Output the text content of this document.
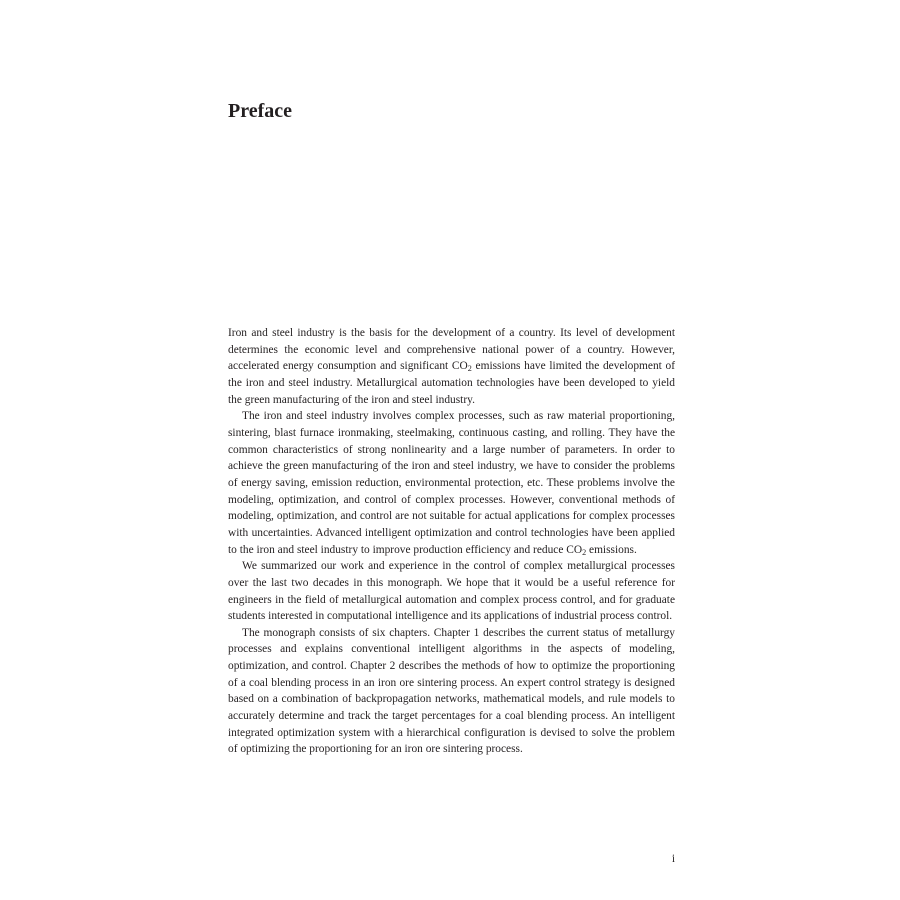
Preface

Iron and steel industry is the basis for the development of a country. Its level of development determines the economic level and comprehensive national power of a country. However, accelerated energy consumption and significant $CO_2$ emissions have limited the development of the iron and steel industry. Metallurgical automation technologies have been developed to yield the green manufacturing of the iron and steel industry.

The iron and steel industry involves complex processes, such as raw material proportioning, sintering, blast furnace ironmaking, steelmaking, continuous casting, and rolling. They have the common characteristics of strong nonlinearity and a large number of parameters. In order to achieve the green manufacturing of the iron and steel industry, we have to consider the problems of energy saving, emission reduction, environmental protection, etc. These problems involve the modeling, optimization, and control of complex processes. However, conventional methods of modeling, optimization, and control are not suitable for actual applications for complex processes with uncertainties. Advanced intelligent optimization and control technologies have been applied to the iron and steel industry to improve production efficiency and reduce $CO_2$ emissions.

We summarized our work and experience in the control of complex metallurgical processes over the last two decades in this monograph. We hope that it would be a useful reference for engineers in the field of metallurgical automation and complex process control, and for graduate students interested in computational intelligence and its applications of industrial process control.

The monograph consists of six chapters. Chapter 1 describes the current status of metallurgy processes and explains conventional intelligent algorithms in the aspects of modeling, optimization, and control. Chapter 2 describes the methods of how to optimize the proportioning of a coal blending process in an iron ore sintering process. An expert control strategy is designed based on a combination of backpropagation networks, mathematical models, and rule models to accurately determine and track the target percentages for a coal blending process. An intelligent integrated optimization system with a hierarchical configuration is devised to solve the problem of optimizing the proportioning for an iron ore sintering process.

i
